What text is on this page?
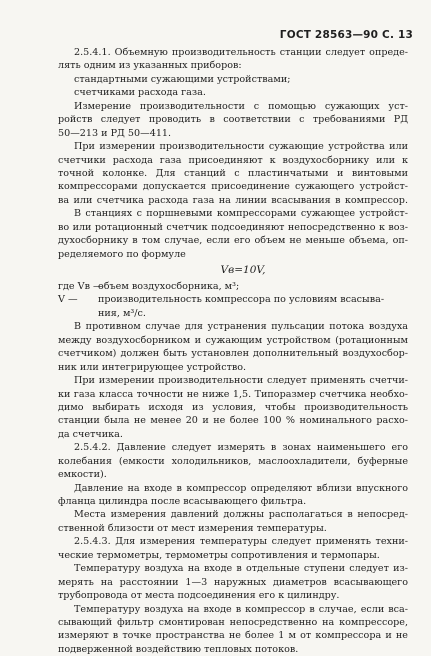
ГОСТ 28563—90 С. 13
2.5.4.1. Объемную производительность станции следует опреде-
лять одним из указанных приборов:
стандартными сужающими устройствами;
счетчиками расхода газа.
Измерение производительности с помощью сужающих уст-
ройств следует проводить в соответствии с требованиями РД
50—213 и РД 50—411.
При измерении производительности сужающие устройства или
счетчики расхода газа присоединяют к воздухосборнику или к
точной колонке. Для станций с пластинчатыми и винтовыми
компрессорами допускается присоединение сужающего устройст-
ва или счетчика расхода газа на линии всасывания в компрессор.
В станциях с поршневыми компрессорами сужающее устройст-
во или ротационный счетчик подсоединяют непосредственно к воз-
духосборнику в том случае, если его объем не меньше объема, оп-
ределяемого по формуле
Vв=10V,
где Vв —
объем воздухосборника, м³;
V — производительность компрессора по условиям всасыва-
ния, м³/с.
В противном случае для устранения пульсации потока воздуха
между воздухосборником и сужающим устройством (ротационным
счетчиком) должен быть установлен дополнительный воздухосбор-
ник или интегрирующее устройство.
При измерении производительности следует применять счетчи-
ки газа класса точности не ниже 1,5. Типоразмер счетчика необхо-
димо выбирать исходя из условия, чтобы производительность
станции была не менее 20 и не более 100 % номинального расхо-
да счетчика.
2.5.4.2. Давление следует измерять в зонах наименьшего его
колебания (емкости холодильников, маслоохладители, буферные
емкости).
Давление на входе в компрессор определяют вблизи впускного
фланца цилиндра после всасывающего фильтра.
Места измерения давлений должны располагаться в непосред-
ственной близости от мест измерения температуры.
2.5.4.3. Для измерения температуры следует применять техни-
ческие термометры, термометры сопротивления и термопары.
Температуру воздуха на входе в отдельные ступени следует из-
мерять на расстоянии 1—3 наружных диаметров всасывающего
трубопровода от места подсоединения его к цилиндру.
Температуру воздуха на входе в компрессор в случае, если вса-
сывающий фильтр смонтирован непосредственно на компрессоре,
измеряют в точке пространства не более 1 м от компрессора и не
подверженной воздействию тепловых потоков.
